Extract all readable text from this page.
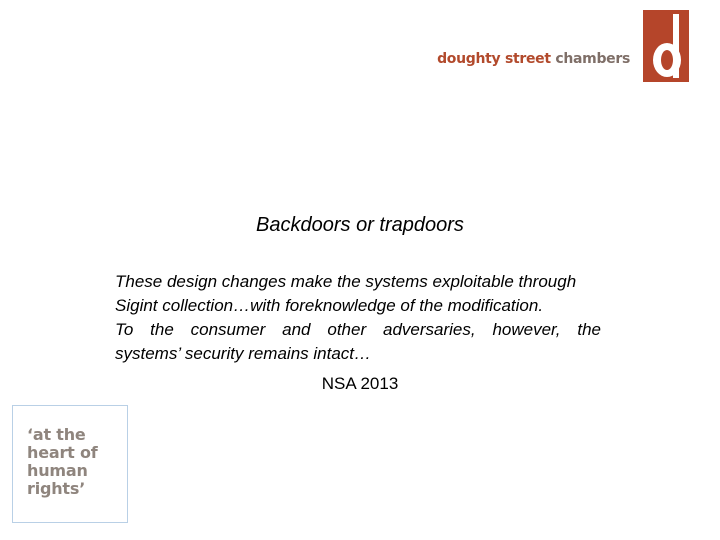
doughty street chambers
Backdoors or trapdoors
These design changes make the systems exploitable through
Sigint collection…with foreknowledge of the modification.
To the consumer and other adversaries, however, the
systems’ security remains intact…
NSA 2013
‘at the
heart of
human
rights’
